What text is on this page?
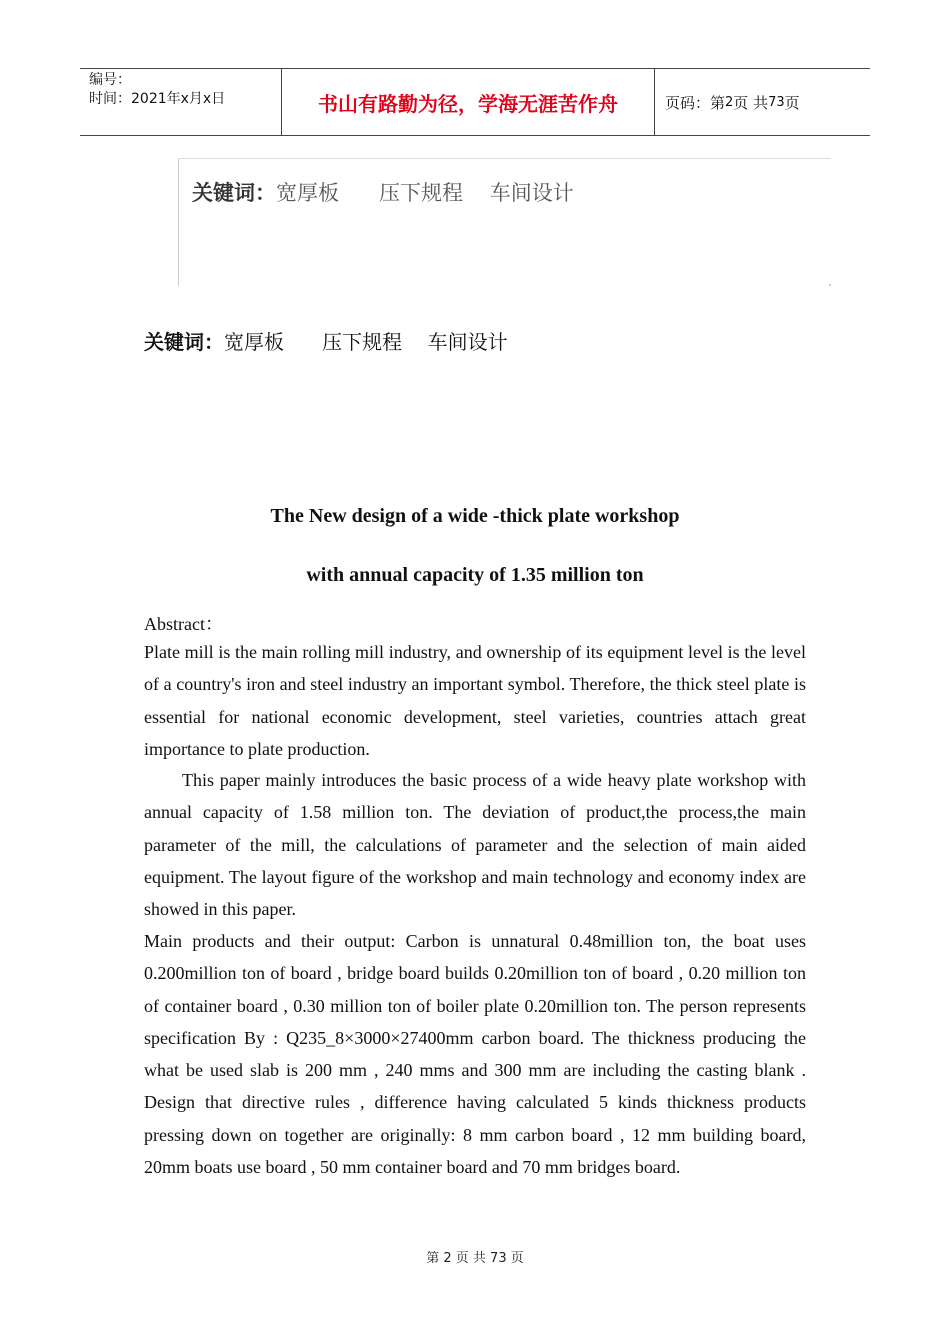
编号：
时间：2021年x月x日	书山有路勤为径，学海无涯苦作舟	页码：第 2 页 共 73 页
关键词：宽厚板      压下规程    车间设计
关键词：宽厚板      压下规程    车间设计
The New design of a wide -thick plate workshop
with annual capacity of 1.35 million ton
Abstract：
Plate mill is the main rolling mill industry, and ownership of its equipment level is the level of a country's iron and steel industry an important symbol. Therefore, the thick steel plate is essential for national economic development, steel varieties, countries attach great importance to plate production.
This paper mainly introduces the basic process of a wide heavy plate workshop with annual capacity of 1.58 million ton. The deviation of product,the process,the main parameter of the mill, the calculations of parameter and the selection of main aided equipment. The layout figure of the workshop and main technology and economy index are showed in this paper.
Main products and their output: Carbon is unnatural 0.48million ton, the boat uses 0.200million ton of board , bridge board builds 0.20million ton of board , 0.20 million ton of container board , 0.30 million ton of boiler plate 0.20million ton. The person represents specification By : Q235_8×3000×27400mm carbon board. The thickness producing the what be used slab is 200 mm , 240 mms and 300 mm are including the casting blank . Design that directive rules , difference having calculated 5 kinds thickness products pressing down on together are originally: 8 mm carbon board , 12 mm building board, 20mm boats use board , 50 mm container board and 70 mm bridges board.
第 2 页 共 73 页
